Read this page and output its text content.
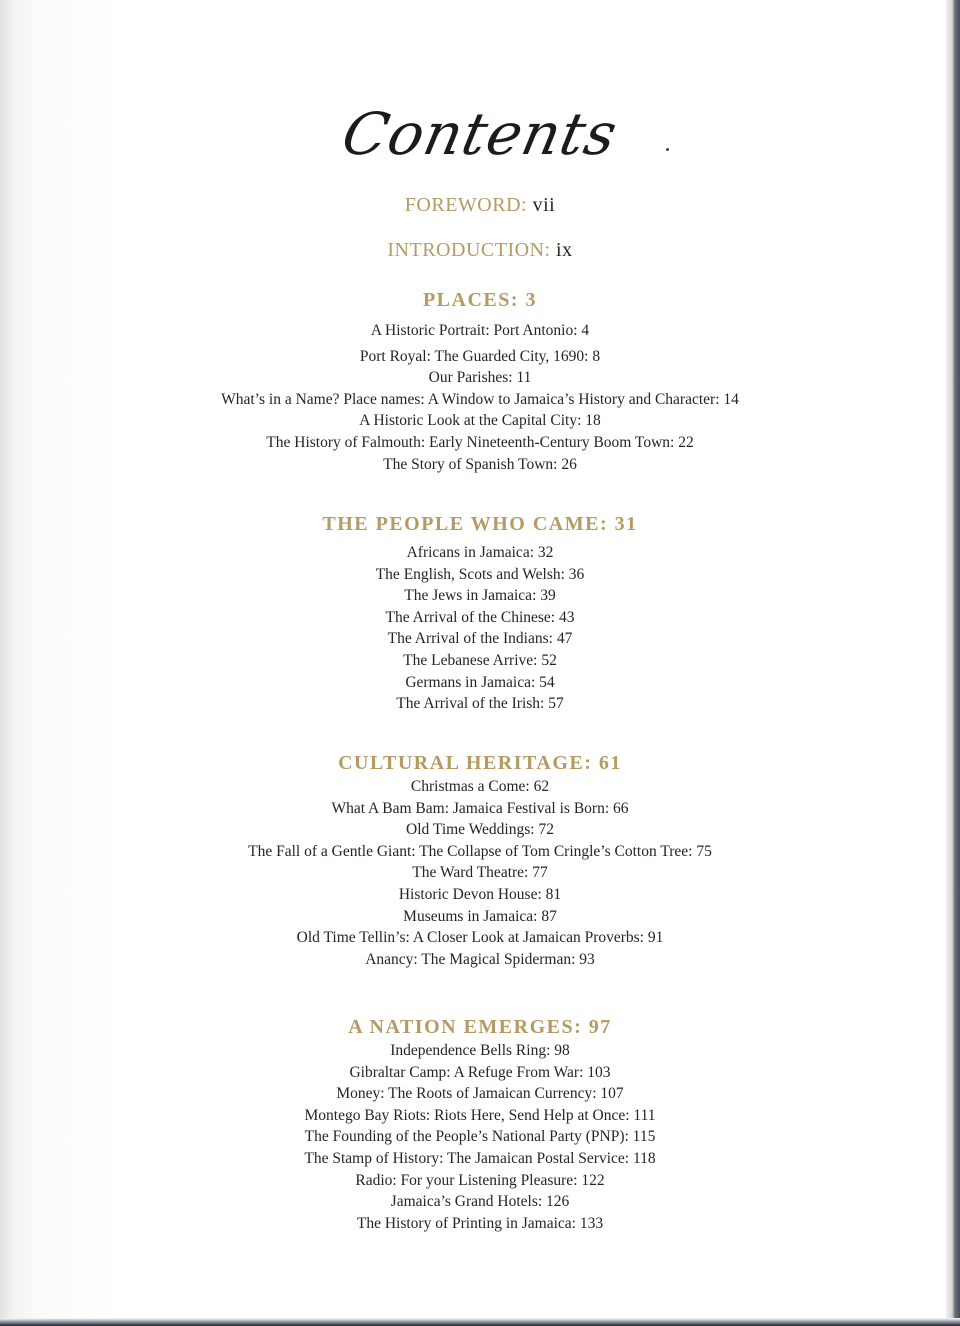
Contents
FOREWORD: vii
INTRODUCTION: ix
PLACES: 3
A Historic Portrait: Port Antonio: 4
Port Royal: The Guarded City, 1690: 8
Our Parishes: 11
What’s in a Name? Place names: A Window to Jamaica’s History and Character: 14
A Historic Look at the Capital City: 18
The History of Falmouth: Early Nineteenth-Century Boom Town: 22
The Story of Spanish Town: 26
THE PEOPLE WHO CAME: 31
Africans in Jamaica: 32
The English, Scots and Welsh: 36
The Jews in Jamaica: 39
The Arrival of the Chinese: 43
The Arrival of the Indians: 47
The Lebanese Arrive: 52
Germans in Jamaica: 54
The Arrival of the Irish: 57
CULTURAL HERITAGE: 61
Christmas a Come: 62
What A Bam Bam: Jamaica Festival is Born: 66
Old Time Weddings: 72
The Fall of a Gentle Giant: The Collapse of Tom Cringle’s Cotton Tree: 75
The Ward Theatre: 77
Historic Devon House: 81
Museums in Jamaica: 87
Old Time Tellin’s: A Closer Look at Jamaican Proverbs: 91
Anancy: The Magical Spiderman: 93
A NATION EMERGES: 97
Independence Bells Ring: 98
Gibraltar Camp: A Refuge From War: 103
Money: The Roots of Jamaican Currency: 107
Montego Bay Riots: Riots Here, Send Help at Once: 111
The Founding of the People’s National Party (PNP): 115
The Stamp of History: The Jamaican Postal Service: 118
Radio: For your Listening Pleasure: 122
Jamaica’s Grand Hotels: 126
The History of Printing in Jamaica: 133
